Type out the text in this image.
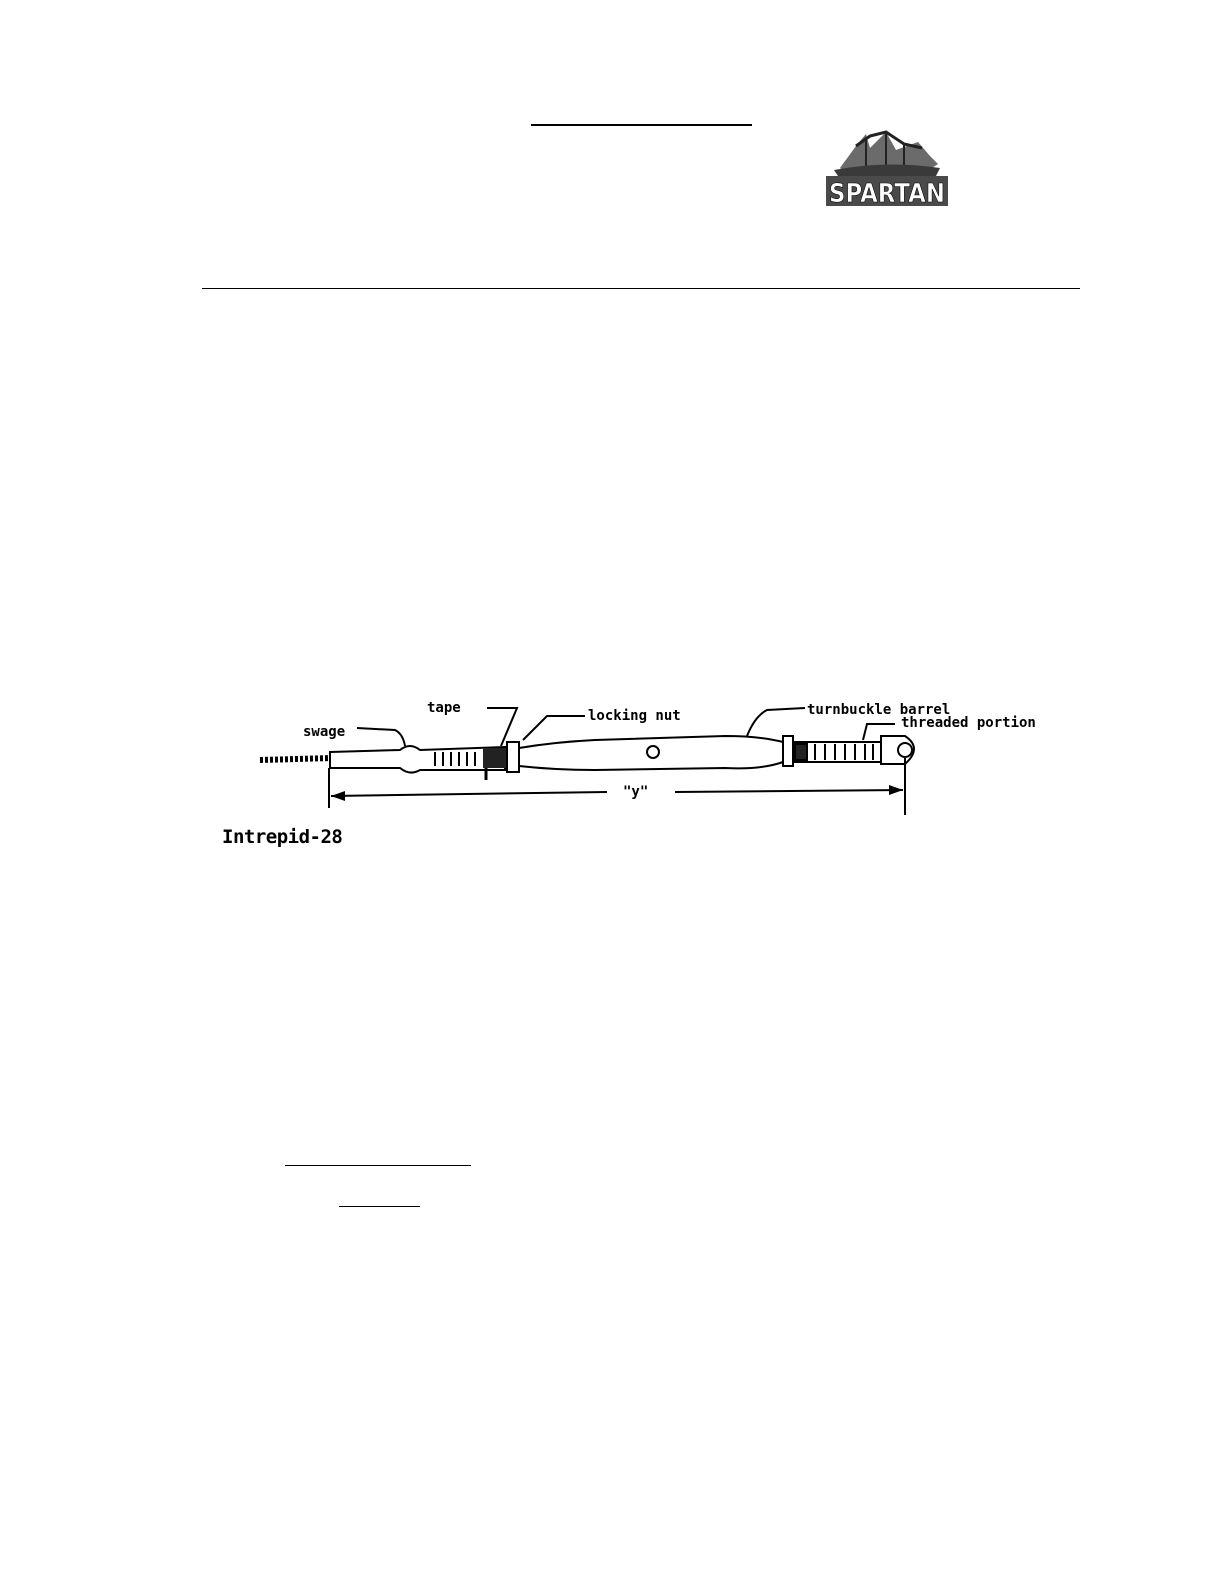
SPARTAN
"y"
tape
swage
locking nut	turnbuckle barrel
threaded portion
Intrepid-28
